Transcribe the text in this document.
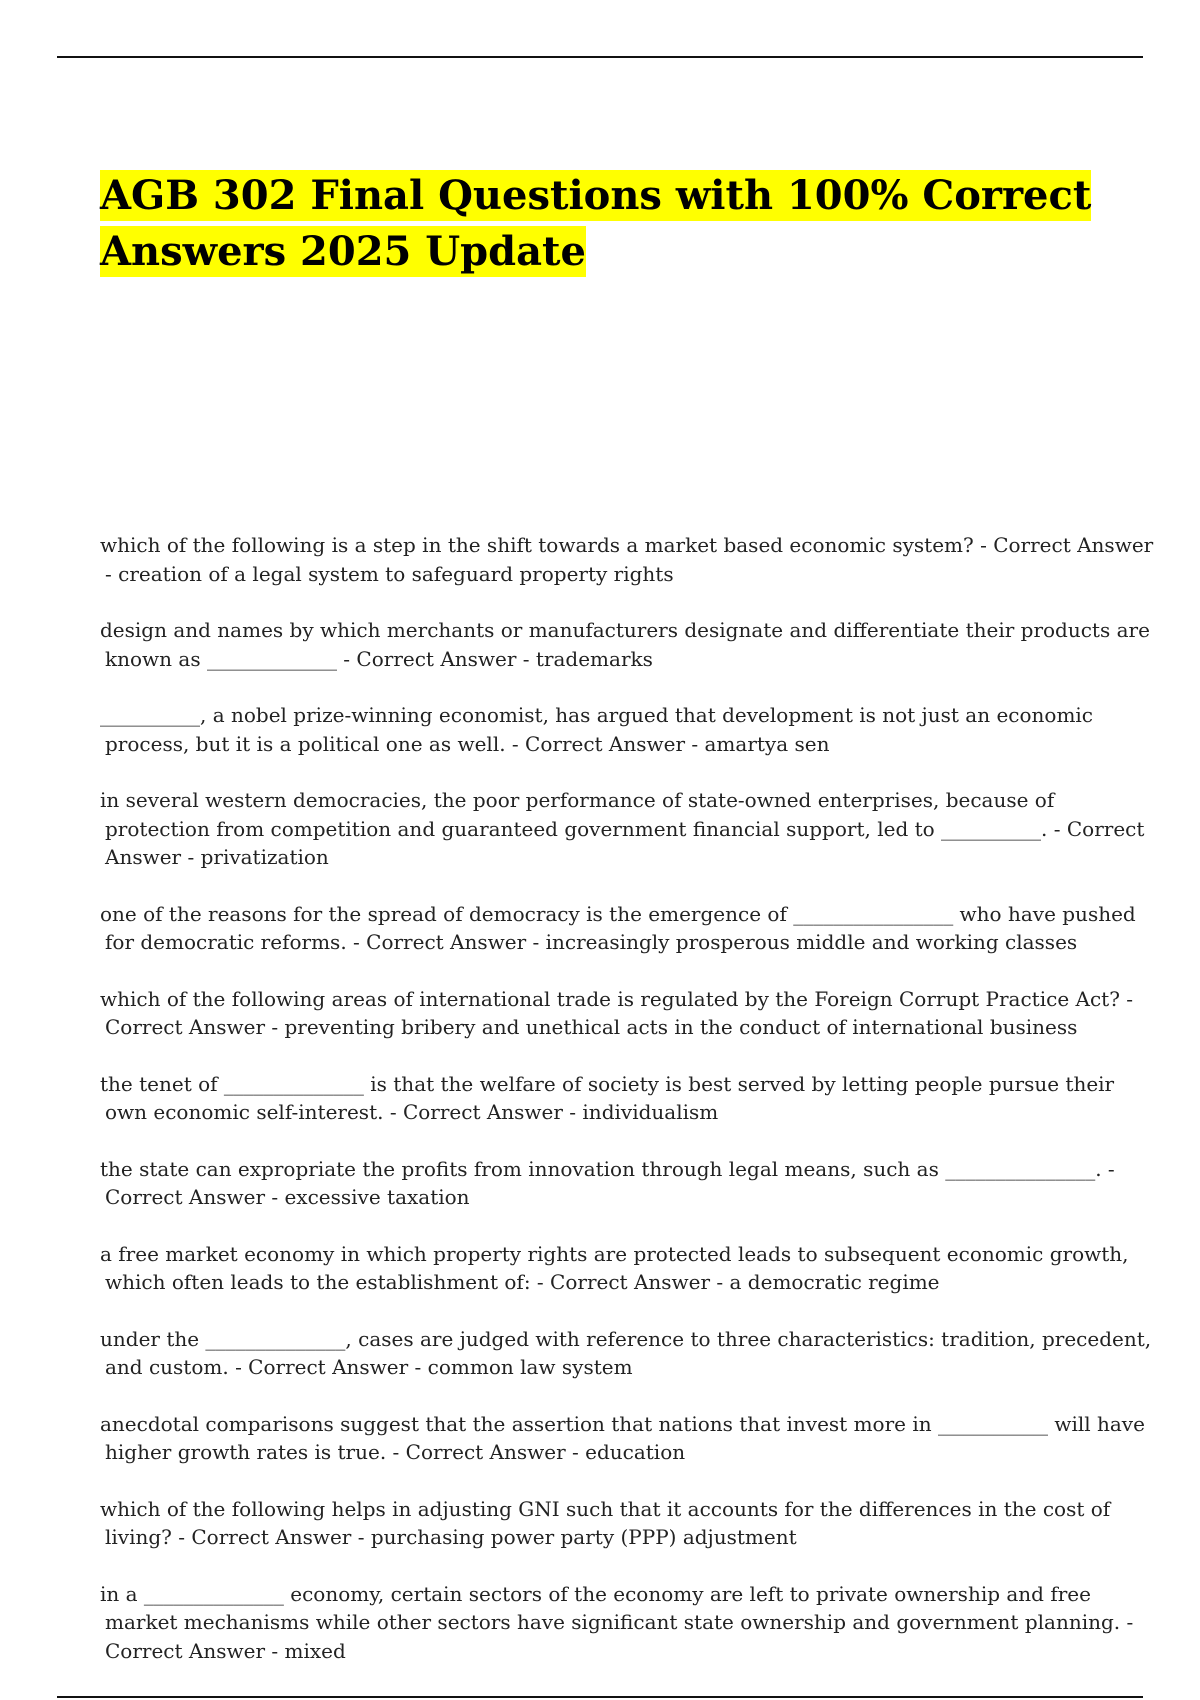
AGB 302 Final Questions with 100% Correct Answers 2025 Update
which of the following is a step in the shift towards a market based economic system? - Correct Answer - creation of a legal system to safeguard property rights
design and names by which merchants or manufacturers designate and differentiate their products are known as _____________ - Correct Answer - trademarks
__________, a nobel prize-winning economist, has argued that development is not just an economic process, but it is a political one as well. - Correct Answer - amartya sen
in several western democracies, the poor performance of state-owned enterprises, because of protection from competition and guaranteed government financial support, led to __________. - Correct Answer - privatization
one of the reasons for the spread of democracy is the emergence of ________________ who have pushed for democratic reforms. - Correct Answer - increasingly prosperous middle and working classes
which of the following areas of international trade is regulated by the Foreign Corrupt Practice Act? - Correct Answer - preventing bribery and unethical acts in the conduct of international business
the tenet of ______________ is that the welfare of society is best served by letting people pursue their own economic self-interest. - Correct Answer - individualism
the state can expropriate the profits from innovation through legal means, such as _______________. - Correct Answer - excessive taxation
a free market economy in which property rights are protected leads to subsequent economic growth, which often leads to the establishment of: - Correct Answer - a democratic regime
under the ______________, cases are judged with reference to three characteristics: tradition, precedent, and custom. - Correct Answer - common law system
anecdotal comparisons suggest that the assertion that nations that invest more in ___________ will have higher growth rates is true. - Correct Answer - education
which of the following helps in adjusting GNI such that it accounts for the differences in the cost of living? - Correct Answer - purchasing power party (PPP) adjustment
in a ______________ economy, certain sectors of the economy are left to private ownership and free market mechanisms while other sectors have significant state ownership and government planning. - Correct Answer - mixed
